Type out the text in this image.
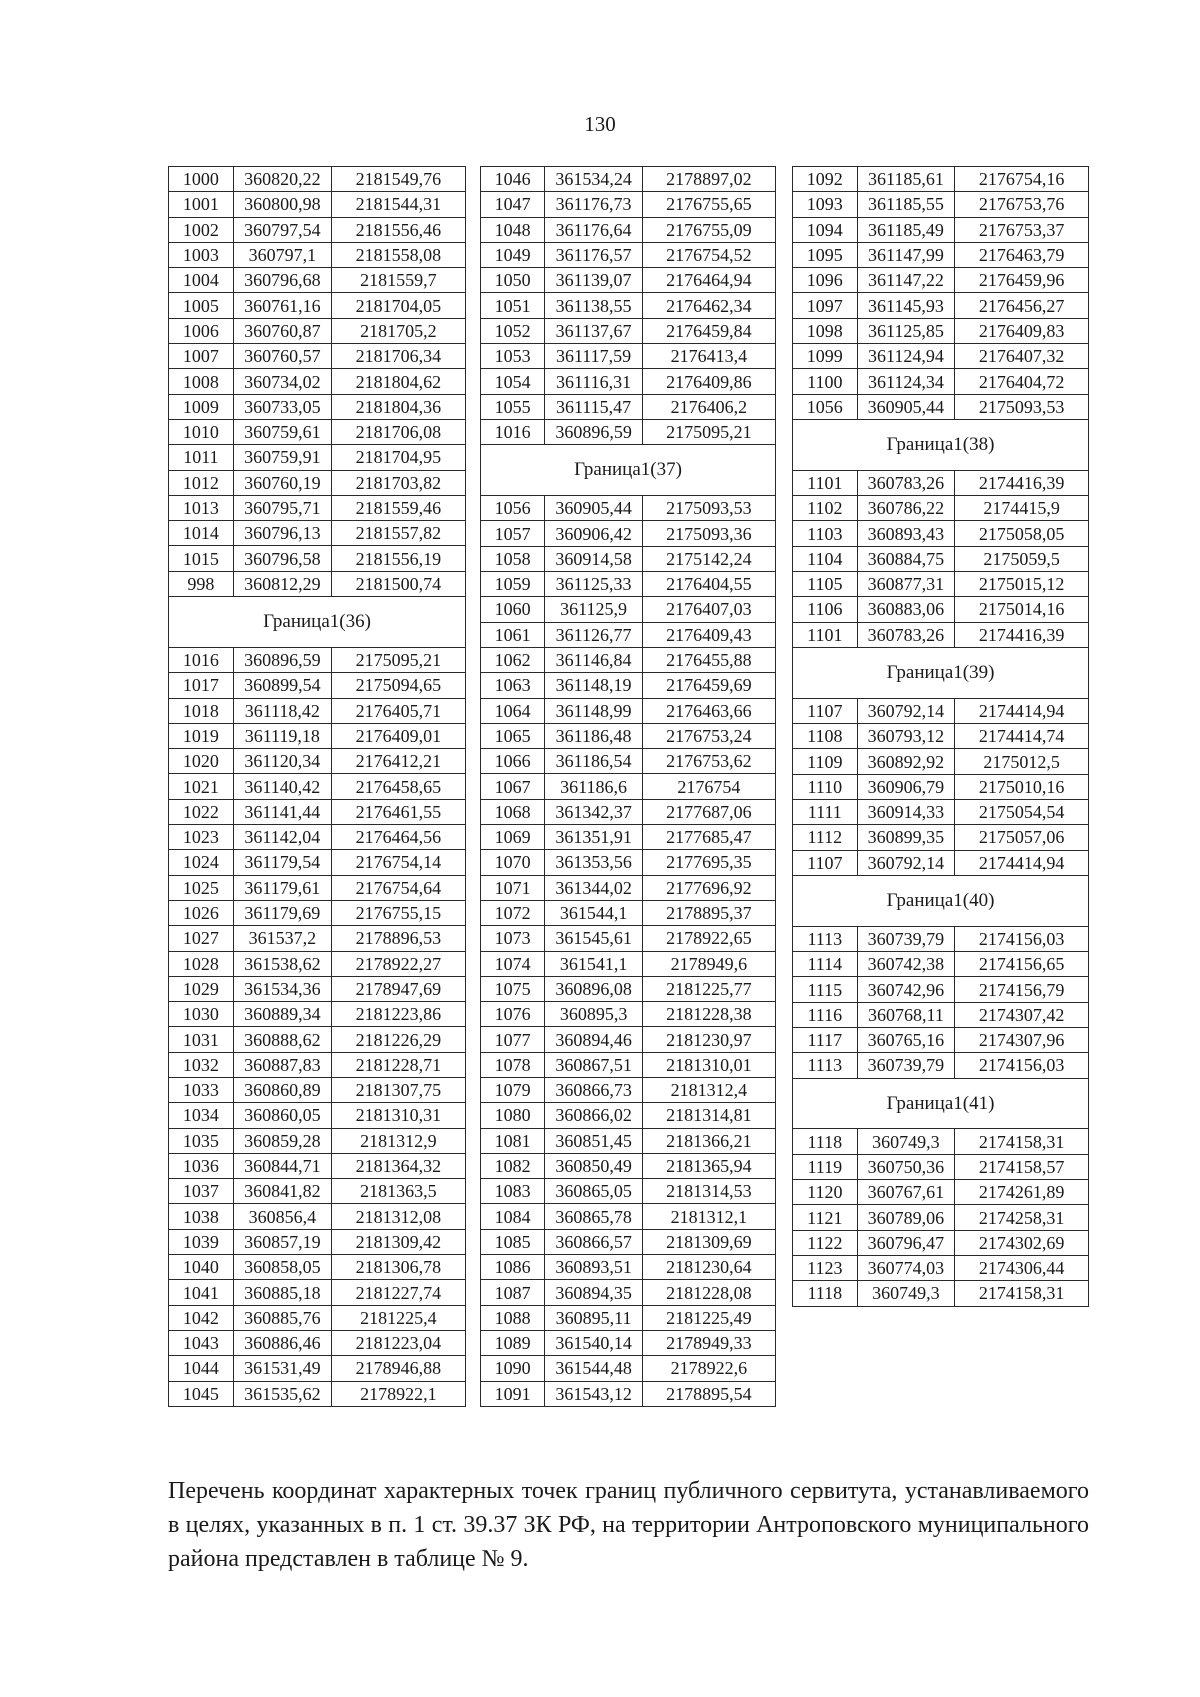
130
1000	360820,22	2181549,76
1001	360800,98	2181544,31
1002	360797,54	2181556,46
1003	360797,1	2181558,08
1004	360796,68	2181559,7
1005	360761,16	2181704,05
1006	360760,87	2181705,2
1007	360760,57	2181706,34
1008	360734,02	2181804,62
1009	360733,05	2181804,36
1010	360759,61	2181706,08
1011	360759,91	2181704,95
1012	360760,19	2181703,82
1013	360795,71	2181559,46
1014	360796,13	2181557,82
1015	360796,58	2181556,19
998	360812,29	2181500,74
Граница1(36)		
1016	360896,59	2175095,21
1017	360899,54	2175094,65
1018	361118,42	2176405,71
1019	361119,18	2176409,01
1020	361120,34	2176412,21
1021	361140,42	2176458,65
1022	361141,44	2176461,55
1023	361142,04	2176464,56
1024	361179,54	2176754,14
1025	361179,61	2176754,64
1026	361179,69	2176755,15
1027	361537,2	2178896,53
1028	361538,62	2178922,27
1029	361534,36	2178947,69
1030	360889,34	2181223,86
1031	360888,62	2181226,29
1032	360887,83	2181228,71
1033	360860,89	2181307,75
1034	360860,05	2181310,31
1035	360859,28	2181312,9
1036	360844,71	2181364,32
1037	360841,82	2181363,5
1038	360856,4	2181312,08
1039	360857,19	2181309,42
1040	360858,05	2181306,78
1041	360885,18	2181227,74
1042	360885,76	2181225,4
1043	360886,46	2181223,04
1044	361531,49	2178946,88
1045	361535,62	2178922,1
1046	361534,24	2178897,02
1047	361176,73	2176755,65
1048	361176,64	2176755,09
1049	361176,57	2176754,52
1050	361139,07	2176464,94
1051	361138,55	2176462,34
1052	361137,67	2176459,84
1053	361117,59	2176413,4
1054	361116,31	2176409,86
1055	361115,47	2176406,2
1016	360896,59	2175095,21
Граница1(37)		
1056	360905,44	2175093,53
1057	360906,42	2175093,36
1058	360914,58	2175142,24
1059	361125,33	2176404,55
1060	361125,9	2176407,03
1061	361126,77	2176409,43
1062	361146,84	2176455,88
1063	361148,19	2176459,69
1064	361148,99	2176463,66
1065	361186,48	2176753,24
1066	361186,54	2176753,62
1067	361186,6	2176754
1068	361342,37	2177687,06
1069	361351,91	2177685,47
1070	361353,56	2177695,35
1071	361344,02	2177696,92
1072	361544,1	2178895,37
1073	361545,61	2178922,65
1074	361541,1	2178949,6
1075	360896,08	2181225,77
1076	360895,3	2181228,38
1077	360894,46	2181230,97
1078	360867,51	2181310,01
1079	360866,73	2181312,4
1080	360866,02	2181314,81
1081	360851,45	2181366,21
1082	360850,49	2181365,94
1083	360865,05	2181314,53
1084	360865,78	2181312,1
1085	360866,57	2181309,69
1086	360893,51	2181230,64
1087	360894,35	2181228,08
1088	360895,11	2181225,49
1089	361540,14	2178949,33
1090	361544,48	2178922,6
1091	361543,12	2178895,54
1092	361185,61	2176754,16
1093	361185,55	2176753,76
1094	361185,49	2176753,37
1095	361147,99	2176463,79
1096	361147,22	2176459,96
1097	361145,93	2176456,27
1098	361125,85	2176409,83
1099	361124,94	2176407,32
1100	361124,34	2176404,72
1056	360905,44	2175093,53
Граница1(38)		
1101	360783,26	2174416,39
1102	360786,22	2174415,9
1103	360893,43	2175058,05
1104	360884,75	2175059,5
1105	360877,31	2175015,12
1106	360883,06	2175014,16
1101	360783,26	2174416,39
Граница1(39)		
1107	360792,14	2174414,94
1108	360793,12	2174414,74
1109	360892,92	2175012,5
1110	360906,79	2175010,16
1111	360914,33	2175054,54
1112	360899,35	2175057,06
1107	360792,14	2174414,94
Граница1(40)		
1113	360739,79	2174156,03
1114	360742,38	2174156,65
1115	360742,96	2174156,79
1116	360768,11	2174307,42
1117	360765,16	2174307,96
1113	360739,79	2174156,03
Граница1(41)		
1118	360749,3	2174158,31
1119	360750,36	2174158,57
1120	360767,61	2174261,89
1121	360789,06	2174258,31
1122	360796,47	2174302,69
1123	360774,03	2174306,44
1118	360749,3	2174158,31
Перечень координат характерных точек границ публичного сервитута, устанавливаемого в целях, указанных в п. 1 ст. 39.37 ЗК РФ, на территории Антроповского муниципального района представлен в таблице № 9.
